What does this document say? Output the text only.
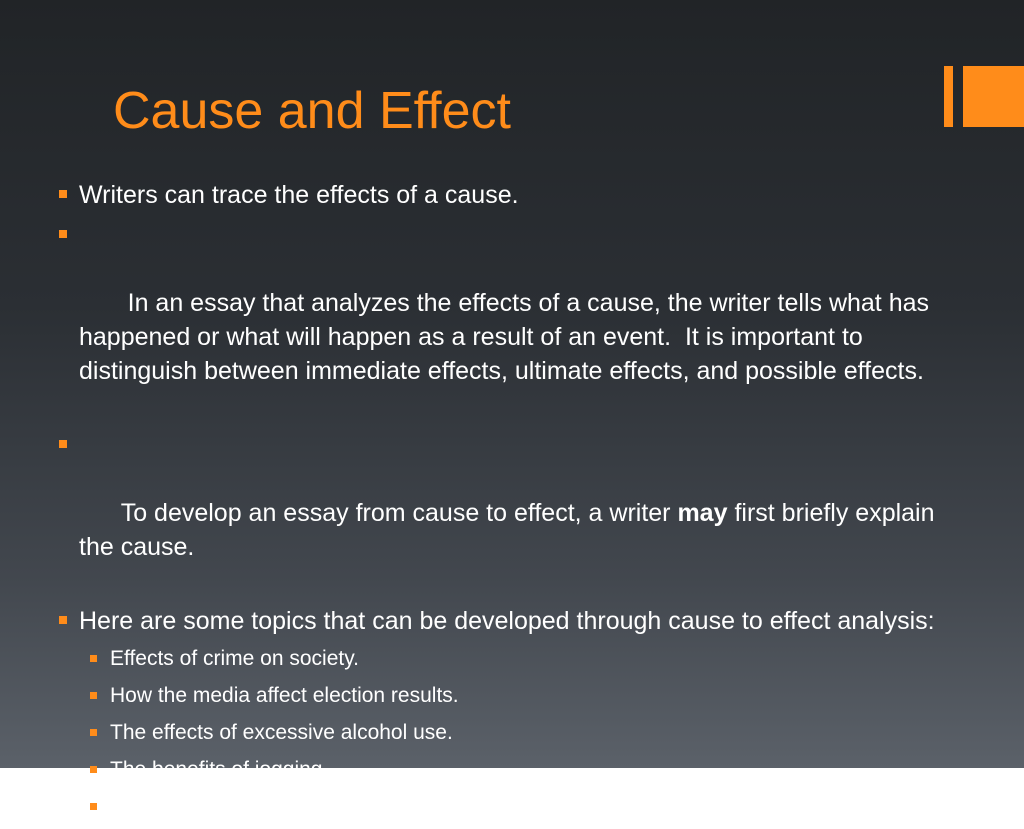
Cause and Effect
Writers can trace the effects of a cause.

In an essay that analyzes the effects of a cause, the writer tells what has happened or what will happen as a result of an event.  It is important to distinguish between immediate effects, ultimate effects, and possible effects.

To develop an essay from cause to effect, a writer may first briefly explain the cause.

Here are some topics that can be developed through cause to effect analysis:
Effects of crime on society.
How the media affect election results.
The effects of excessive alcohol use.
The benefits of jogging.
The advantages (or disadvantages) of living on campus.
